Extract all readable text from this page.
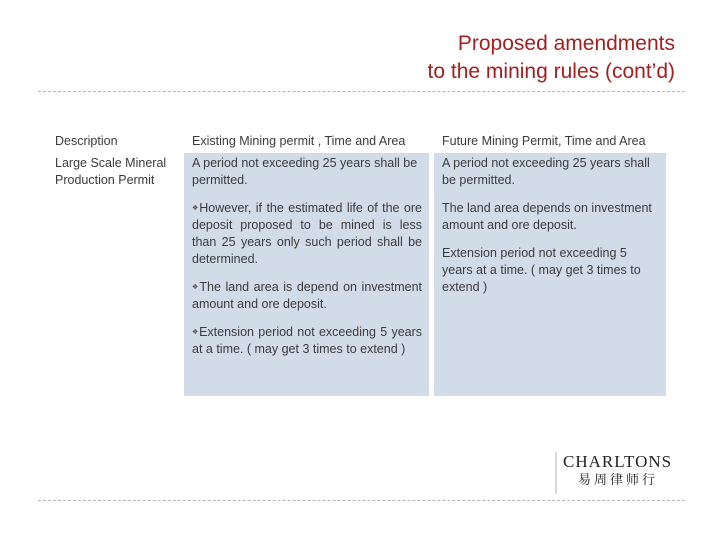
Proposed amendments
to the mining rules (cont’d)
Description	Existing Mining permit , Time and Area	Future Mining Permit, Time and Area
Large Scale Mineral Production Permit

A period not exceeding 25 years shall be permitted.

❖However, if the estimated life of the ore deposit proposed to be mined is less than 25 years only such period shall be determined.

❖The land area is depend on investment amount and ore deposit.

❖Extension period not exceeding 5 years at a time. ( may get 3 times to extend )

A period not exceeding 25 years shall be permitted.

The land area depends on investment amount and ore deposit.

Extension period not exceeding 5 years at a time. ( may get 3 times to extend )

CHARLTONS
易周律师行
